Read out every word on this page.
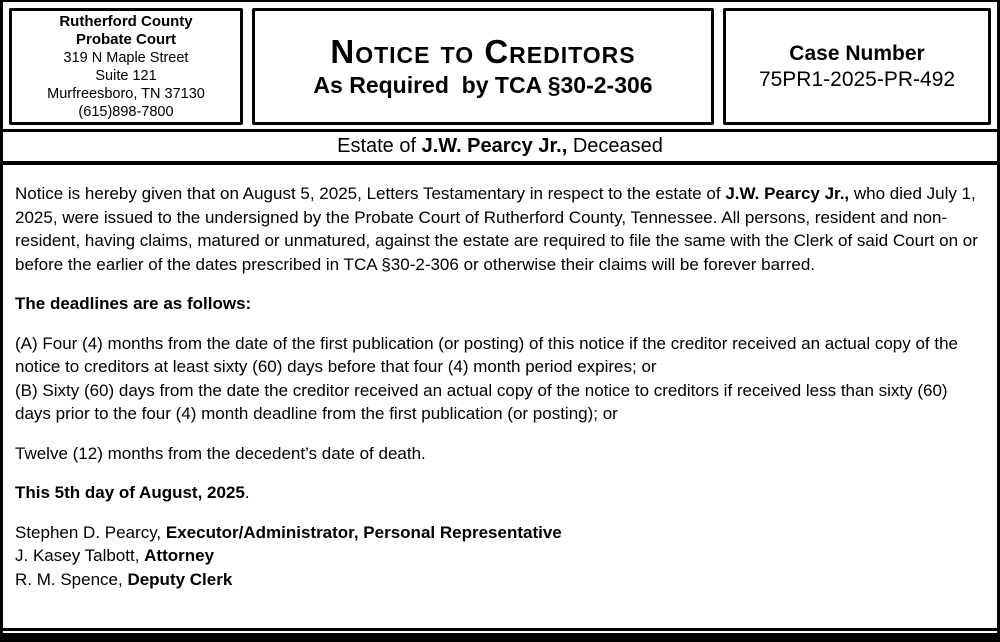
Rutherford County
Probate Court
319 N Maple Street
Suite 121
Murfreesboro, TN 37130
(615)898-7800
Notice to Creditors
As Required  by TCA §30-2-306
Case Number
75PR1-2025-PR-492
Estate of J.W. Pearcy Jr., Deceased

Notice is hereby given that on August 5, 2025, Letters Testamentary in respect to the estate of J.W. Pearcy Jr., who died July 1, 2025, were issued to the undersigned by the Probate Court of Rutherford County, Tennessee. All persons, resident and non-resident, having claims, matured or unmatured, against the estate are required to file the same with the Clerk of said Court on or before the earlier of the dates prescribed in TCA §30-2-306 or otherwise their claims will be forever barred.

The deadlines are as follows:

(A) Four (4) months from the date of the first publication (or posting) of this notice if the creditor received an actual copy of the notice to creditors at least sixty (60) days before that four (4) month period expires; or

(B) Sixty (60) days from the date the creditor received an actual copy of the notice to creditors if received less than sixty (60) days prior to the four (4) month deadline from the first publication (or posting); or

Twelve (12) months from the decedent’s date of death.

This 5th day of August, 2025.

Stephen D. Pearcy, Executor/Administrator, Personal Representative

J. Kasey Talbott, Attorney

R. M. Spence, Deputy Clerk
